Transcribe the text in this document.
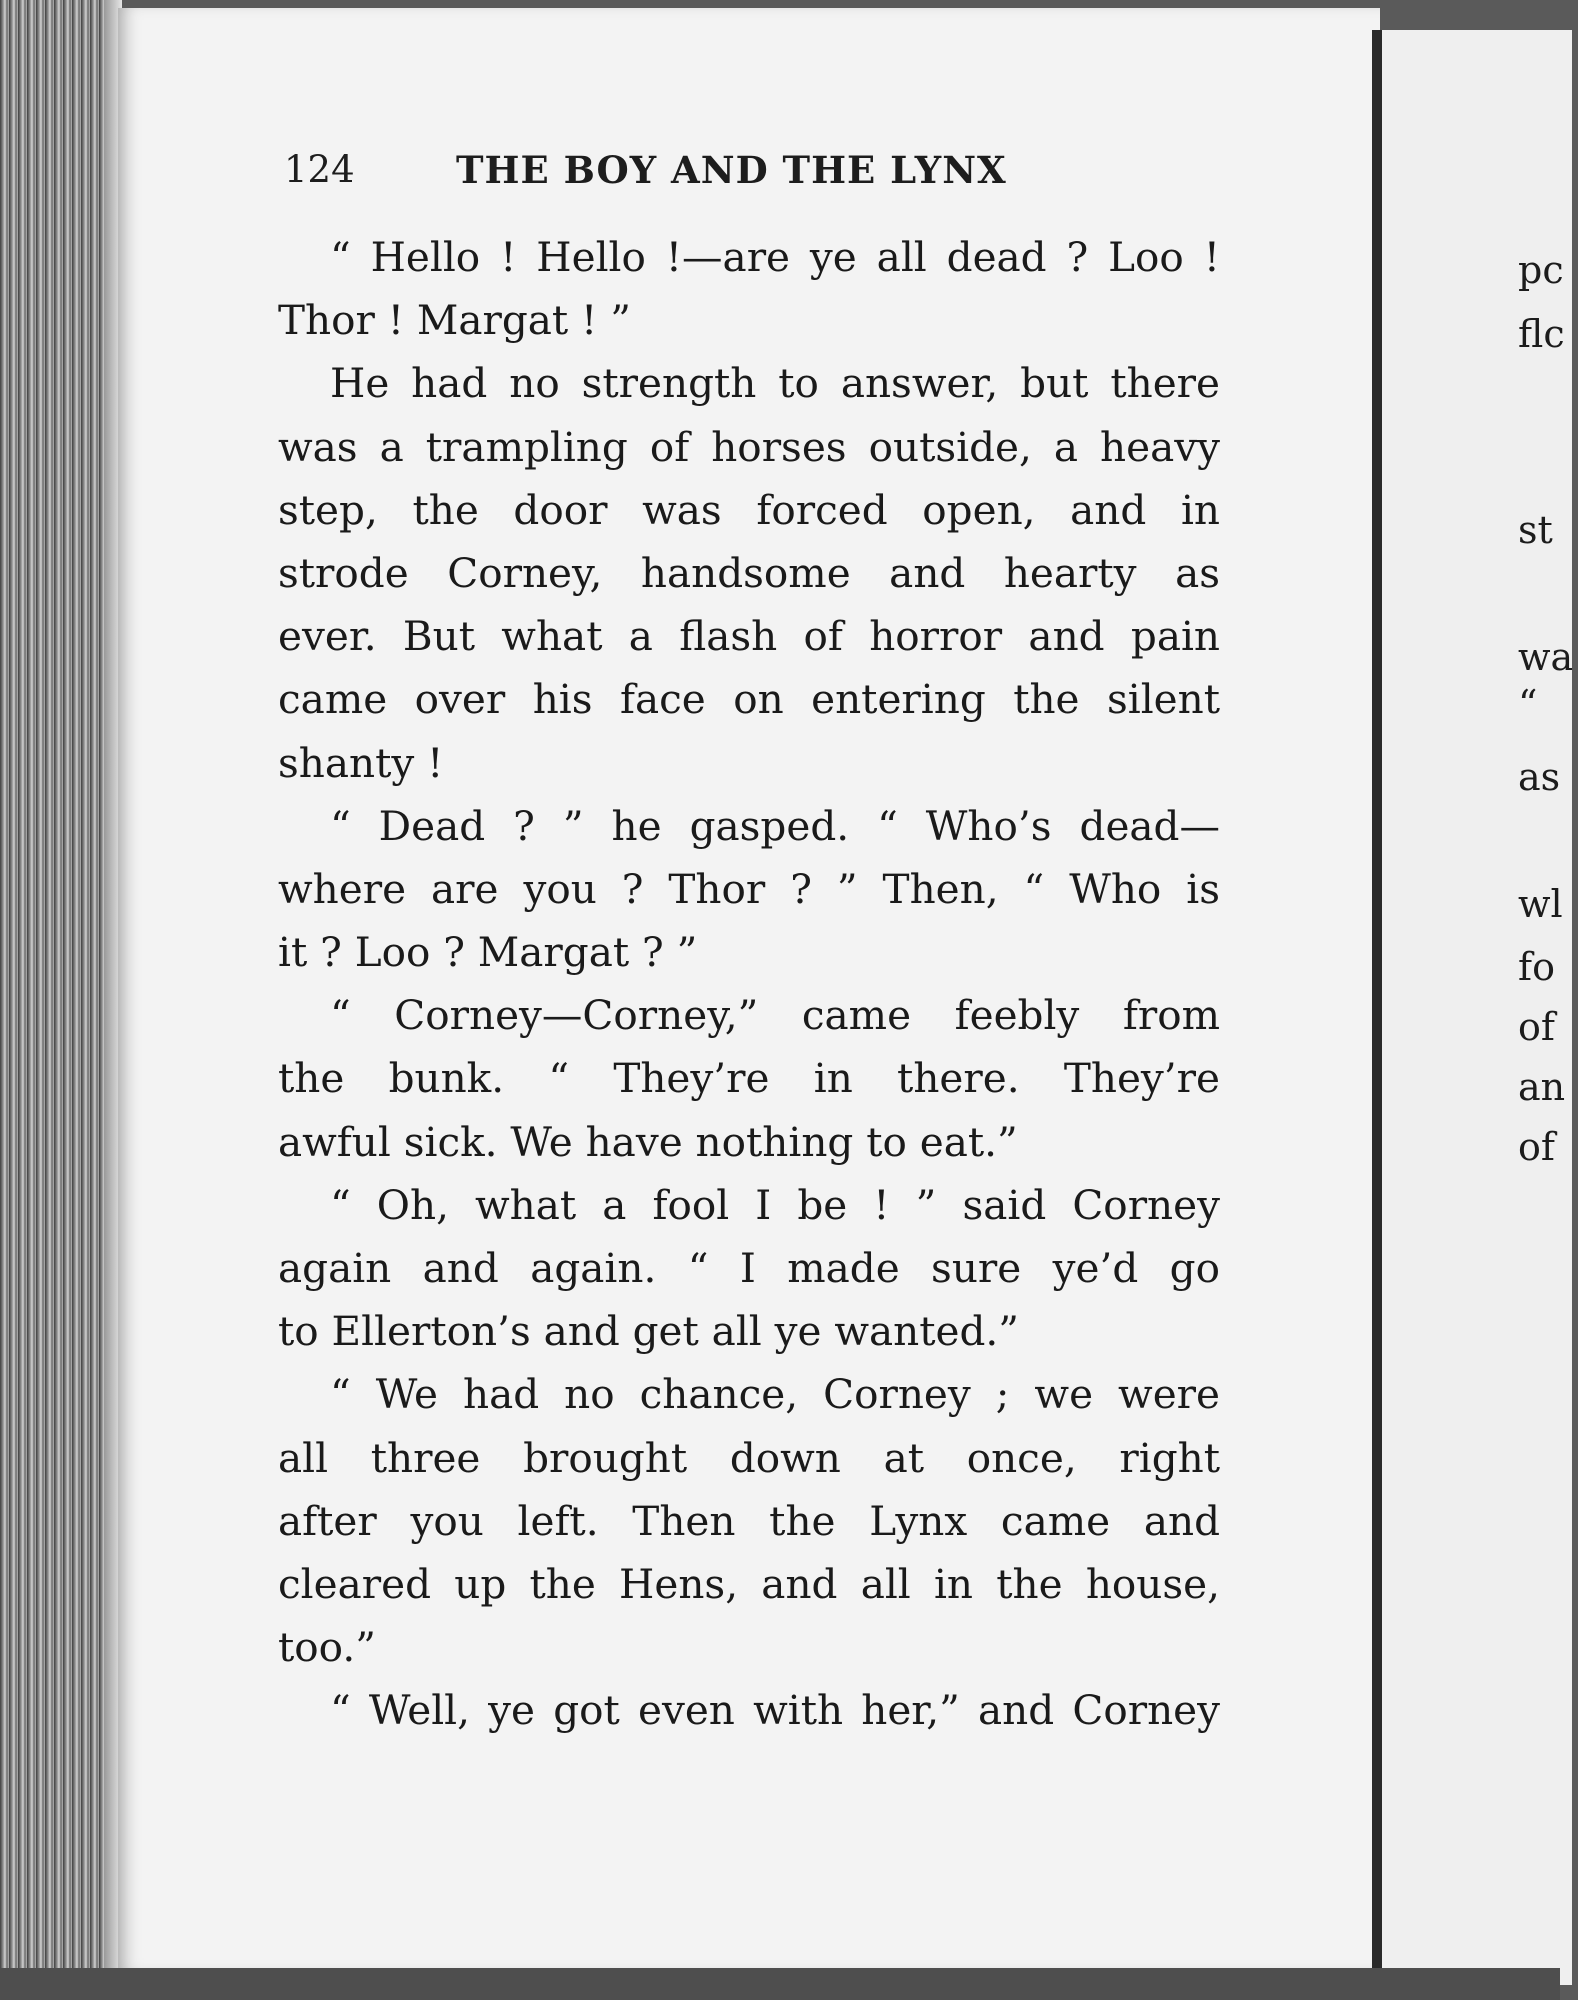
124	THE BOY AND THE LYNX
“ Hello ! Hello !—are ye all dead ? Loo !
Thor ! Margat ! ”
He had no strength to answer, but there
was a trampling of horses outside, a heavy
step, the door was forced open, and in
strode Corney, handsome and hearty as
ever. But what a flash of horror and pain
came over his face on entering the silent
shanty !
“ Dead ? ” he gasped. “ Who’s dead—
where are you ? Thor ? ” Then, “ Who is
it ? Loo ? Margat ? ”
“ Corney—Corney,” came feebly from
the bunk. “ They’re in there. They’re
awful sick. We have nothing to eat.”
“ Oh, what a fool I be ! ” said Corney
again and again. “ I made sure ye’d go
to Ellerton’s and get all ye wanted.”
“ We had no chance, Corney ; we were
all three brought down at once, right
after you left. Then the Lynx came and
cleared up the Hens, and all in the house,
too.”
“ Well, ye got even with her,” and Corney
pc
flc
st
wa
“
as
wl
fo
of
an
of
